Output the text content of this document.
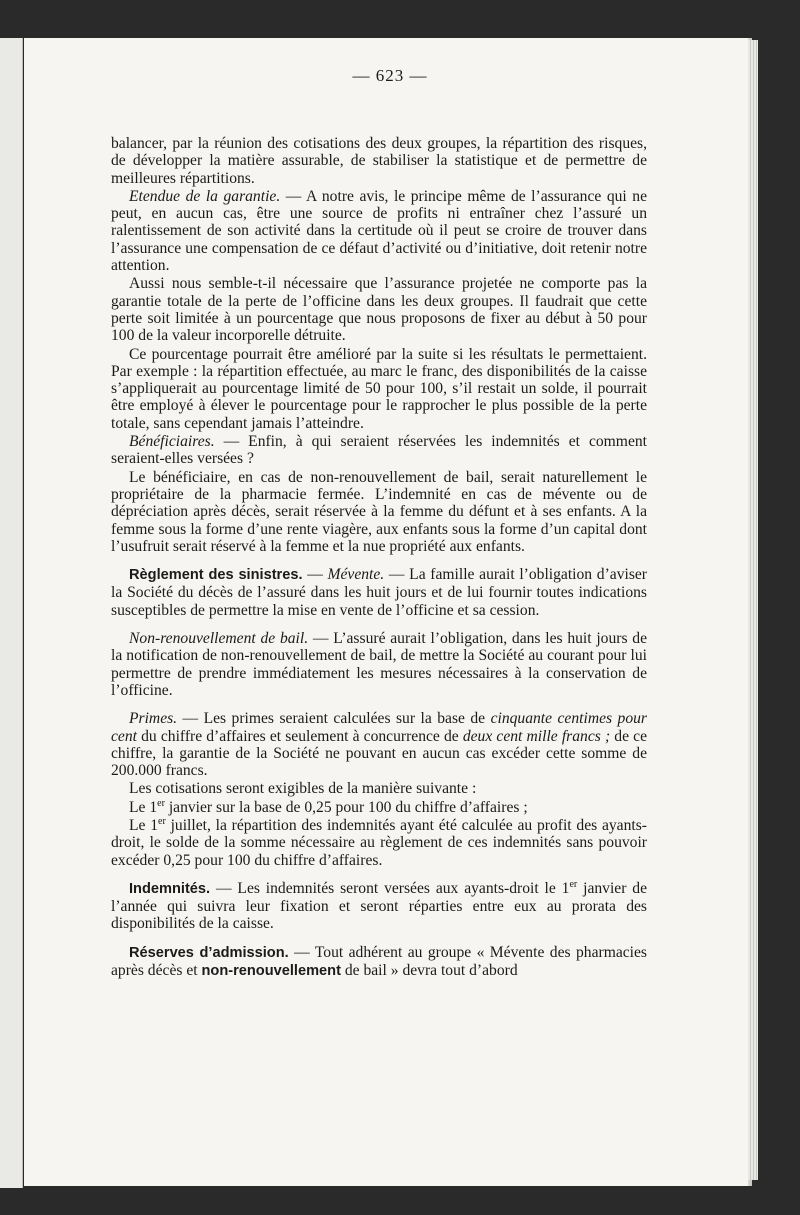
— 623 —

balancer, par la réunion des cotisations des deux groupes, la répartition des risques, de développer la matière assurable, de stabiliser la statistique et de permettre de meilleures répartitions.

Etendue de la garantie. — A notre avis, le principe même de l’assurance qui ne peut, en aucun cas, être une source de profits ni entraîner chez l’assuré un ralentissement de son activité dans la certitude où il peut se croire de trouver dans l’assurance une compensation de ce défaut d’activité ou d’initiative, doit retenir notre attention.

Aussi nous semble-t-il nécessaire que l’assurance projetée ne comporte pas la garantie totale de la perte de l’officine dans les deux groupes. Il faudrait que cette perte soit limitée à un pourcentage que nous proposons de fixer au début à 50 pour 100 de la valeur incorporelle détruite.

Ce pourcentage pourrait être amélioré par la suite si les résultats le permettaient. Par exemple : la répartition effectuée, au marc le franc, des disponibilités de la caisse s’appliquerait au pourcentage limité de 50 pour 100, s’il restait un solde, il pourrait être employé à élever le pourcentage pour le rapprocher le plus possible de la perte totale, sans cependant jamais l’atteindre.

Bénéficiaires. — Enfin, à qui seraient réservées les indemnités et comment seraient-elles versées ?

Le bénéficiaire, en cas de non-renouvellement de bail, serait naturellement le propriétaire de la pharmacie fermée. L’indemnité en cas de mévente ou de dépréciation après décès, serait réservée à la femme du défunt et à ses enfants. A la femme sous la forme d’une rente viagère, aux enfants sous la forme d’un capital dont l’usufruit serait réservé à la femme et la nue propriété aux enfants.

Règlement des sinistres. — Mévente. — La famille aurait l’obligation d’aviser la Société du décès de l’assuré dans les huit jours et de lui fournir toutes indications susceptibles de permettre la mise en vente de l’officine et sa cession.

Non-renouvellement de bail. — L’assuré aurait l’obligation, dans les huit jours de la notification de non-renouvellement de bail, de mettre la Société au courant pour lui permettre de prendre immédiatement les mesures nécessaires à la conservation de l’officine.

Primes. — Les primes seraient calculées sur la base de cinquante centimes pour cent du chiffre d’affaires et seulement à concurrence de deux cent mille francs ; de ce chiffre, la garantie de la Société ne pouvant en aucun cas excéder cette somme de 200.000 francs.

Les cotisations seront exigibles de la manière suivante :

Le 1er janvier sur la base de 0,25 pour 100 du chiffre d’affaires ;

Le 1er juillet, la répartition des indemnités ayant été calculée au profit des ayants-droit, le solde de la somme nécessaire au règlement de ces indemnités sans pouvoir excéder 0,25 pour 100 du chiffre d’affaires.

Indemnités. — Les indemnités seront versées aux ayants-droit le 1er janvier de l’année qui suivra leur fixation et seront réparties entre eux au prorata des disponibilités de la caisse.

Réserves d’admission. — Tout adhérent au groupe « Mévente des pharmacies après décès et non-renouvellement de bail » devra tout d’abord
